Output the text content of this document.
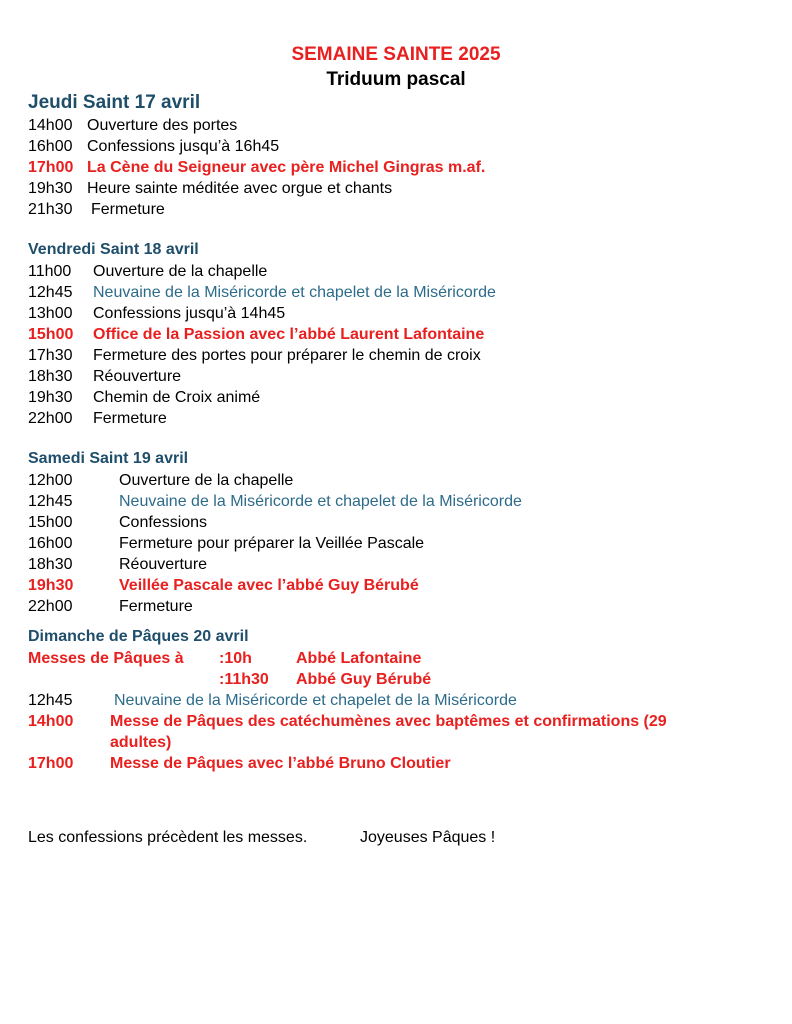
SEMAINE SAINTE 2025
Triduum pascal
Jeudi Saint 17 avril
14h00 Ouverture des portes
16h00 Confessions jusqu’à 16h45
17h00 La Cène du Seigneur avec père Michel Gingras m.af.
19h30 Heure sainte méditée avec orgue et chants
21h30 Fermeture
Vendredi Saint 18 avril
11h00 Ouverture de la chapelle
12h45 Neuvaine de la Miséricorde et chapelet de la Miséricorde
13h00 Confessions jusqu’à 14h45
15h00 Office de la Passion avec l’abbé Laurent Lafontaine
17h30 Fermeture des portes pour préparer le chemin de croix
18h30 Réouverture
19h30 Chemin de Croix animé
22h00 Fermeture
Samedi Saint 19 avril
12h00	Ouverture de la chapelle
12h45	Neuvaine de la Miséricorde et chapelet de la Miséricorde
15h00	Confessions
16h00	Fermeture pour préparer la Veillée Pascale
18h30	Réouverture
19h30	Veillée Pascale avec l’abbé Guy Bérubé
22h00	Fermeture
Dimanche de Pâques 20 avril
Messes de Pâques à :10h	Abbé Lafontaine
:11h30 Abbé Guy Bérubé
12h45	Neuvaine de la Miséricorde et chapelet de la Miséricorde
14h00 Messe de Pâques des catéchumènes avec baptêmes et confirmations (29
adultes)
17h00 Messe de Pâques avec l’abbé Bruno Cloutier
Les confessions précèdent les messes.	Joyeuses Pâques !
